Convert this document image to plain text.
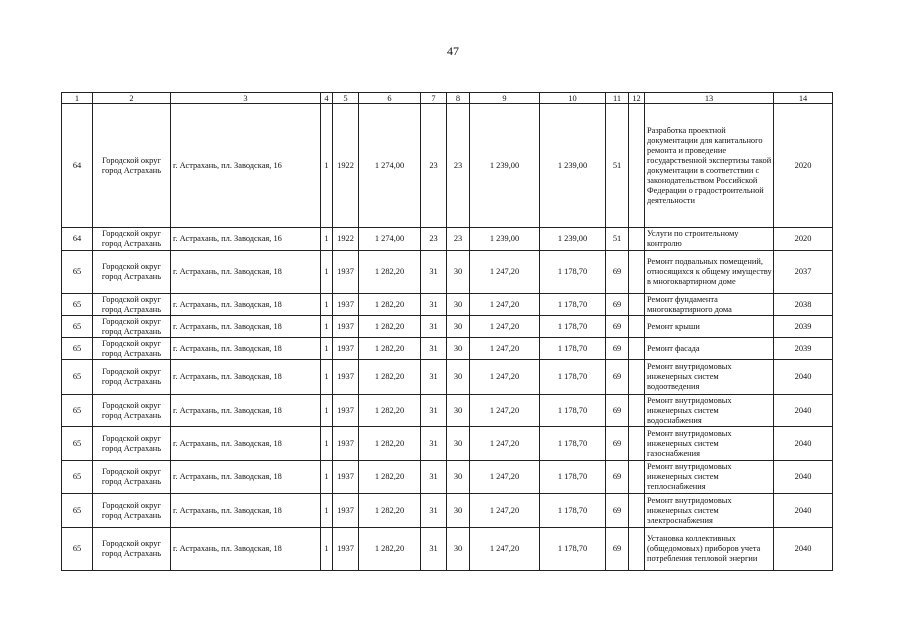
47
1	2	3	4	5	6	7	8	9	10	11	12	13	14
64	Городской округ город Астрахань	г. Астрахань, пл. Заводская, 16	1	1922	1 274,00	23	23	1 239,00	1 239,00	51		Разработка проектной документации для капитального ремонта и проведение государственной экспертизы такой документации в соответствии с законодательством Российской Федерации о градостроительной деятельности	2020
64	Городской округ город Астрахань	г. Астрахань, пл. Заводская, 16	1	1922	1 274,00	23	23	1 239,00	1 239,00	51		Услуги по строительному контролю	2020
65	Городской округ город Астрахань	г. Астрахань, пл. Заводская, 18	1	1937	1 282,20	31	30	1 247,20	1 178,70	69		Ремонт подвальных помещений, относящихся к общему имуществу в многоквартирном доме	2037
65	Городской округ город Астрахань	г. Астрахань, пл. Заводская, 18	1	1937	1 282,20	31	30	1 247,20	1 178,70	69		Ремонт фундамента многоквартирного дома	2038
65	Городской округ город Астрахань	г. Астрахань, пл. Заводская, 18	1	1937	1 282,20	31	30	1 247,20	1 178,70	69		Ремонт крыши	2039
65	Городской округ город Астрахань	г. Астрахань, пл. Заводская, 18	1	1937	1 282,20	31	30	1 247,20	1 178,70	69		Ремонт фасада	2039
65	Городской округ город Астрахань	г. Астрахань, пл. Заводская, 18	1	1937	1 282,20	31	30	1 247,20	1 178,70	69		Ремонт внутридомовых инженерных систем водоотведения	2040
65	Городской округ город Астрахань	г. Астрахань, пл. Заводская, 18	1	1937	1 282,20	31	30	1 247,20	1 178,70	69		Ремонт внутридомовых инженерных систем водоснабжения	2040
65	Городской округ город Астрахань	г. Астрахань, пл. Заводская, 18	1	1937	1 282,20	31	30	1 247,20	1 178,70	69		Ремонт внутридомовых инженерных систем газоснабжения	2040
65	Городской округ город Астрахань	г. Астрахань, пл. Заводская, 18	1	1937	1 282,20	31	30	1 247,20	1 178,70	69		Ремонт внутридомовых инженерных систем теплоснабжения	2040
65	Городской округ город Астрахань	г. Астрахань, пл. Заводская, 18	1	1937	1 282,20	31	30	1 247,20	1 178,70	69		Ремонт внутридомовых инженерных систем электроснабжения	2040
65	Городской округ город Астрахань	г. Астрахань, пл. Заводская, 18	1	1937	1 282,20	31	30	1 247,20	1 178,70	69		Установка коллективных (общедомовых) приборов учета потребления тепловой энергии	2040
